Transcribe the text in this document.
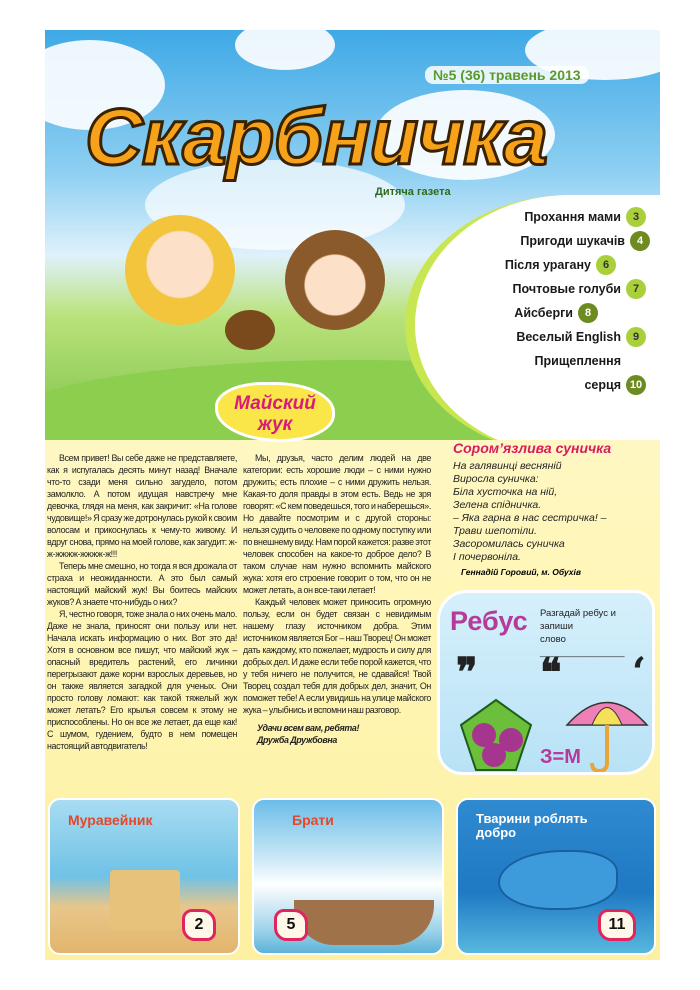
Скарбничка
№5 (36) травень 2013
Дитяча газета
Прохання мами	3
Пригоди шукачів	4
Після урагану	6
Почтовые голуби	7
Айсберги	8
Веселый English	9
Прищеплення
серця 10
Майский
жук

Всем привет! Вы себе даже не представляете, как я испугалась десять минут назад! Вначале что-то сзади меня сильно загудело, потом замолкло. А потом идущая навстречу мне девочка, глядя на меня, как закричит: «На голове чудовище!» Я сразу же дотронулась рукой к своим волосам и прикоснулась к чему-то живому. И вдруг снова, прямо на моей голове, как загудит: ж-ж-жжжж-жжжж-ж!!!

Теперь мне смешно, но тогда я вся дрожала от страха и неожиданности. А это был самый настоящий майский жук! Вы боитесь майских жуков? А знаете что-нибудь о них?

Я, честно говоря, тоже знала о них очень мало. Даже не знала, приносят они пользу или нет. Начала искать информацию о них. Вот это да! Хотя в основном все пишут, что майский жук – опасный вредитель растений, его личинки перегрызают даже корни взрослых деревьев, но он также является загадкой для ученых. Они просто голову ломают: как такой тяжелый жук может летать? Его крылья совсем к этому не приспособлены. Но он все же летает, да еще как! С шумом, гудением, будто в нем помещен настоящий автодвигатель!

Мы, друзья, часто делим людей на две категории: есть хорошие люди – с ними нужно дружить; есть плохие – с ними дружить нельзя. Какая-то доля правды в этом есть. Ведь не зря говорят: «С кем поведешься, того и наберешься». Но давайте посмотрим и с другой стороны: нельзя судить о человеке по одному поступку или по внешнему виду. Нам порой кажется: разве этот человек способен на какое-то доброе дело? В таком случае нам нужно вспомнить майского жука: хотя его строение говорит о том, что он не может летать, а он все-таки летает!

Каждый человек может приносить огромную пользу, если он будет связан с невидимым нашему глазу источником добра. Этим источником является Бог – наш Творец! Он может дать каждому, кто пожелает, мудрость и силу для добрых дел. И даже если тебе порой кажется, что у тебя ничего не получится, не сдавайся! Твой Творец создал тебя для добрых дел, значит, Он поможет тебе! А если увидишь на улице майского жука – улыбнись и вспомни наш разговор.

Удачи всем вам, ребята!
Дружба Дружбовна

Сором’язлива суничка
На галявинці весняній
Виросла суничка:
Біла хусточка на ній,
Зелена спідничка.
– Яка гарна в нас сестричка! –
Трави шепотіли.
Засоромилась суничка
І почервоніла.
Геннадій Горовий, м. Обухів
Ребус Разгадай ребус и запиши
слово ________________
❞ ❝ ‘
З=М
Муравейник
2
Брати
5
Тварини роблять добро
11
